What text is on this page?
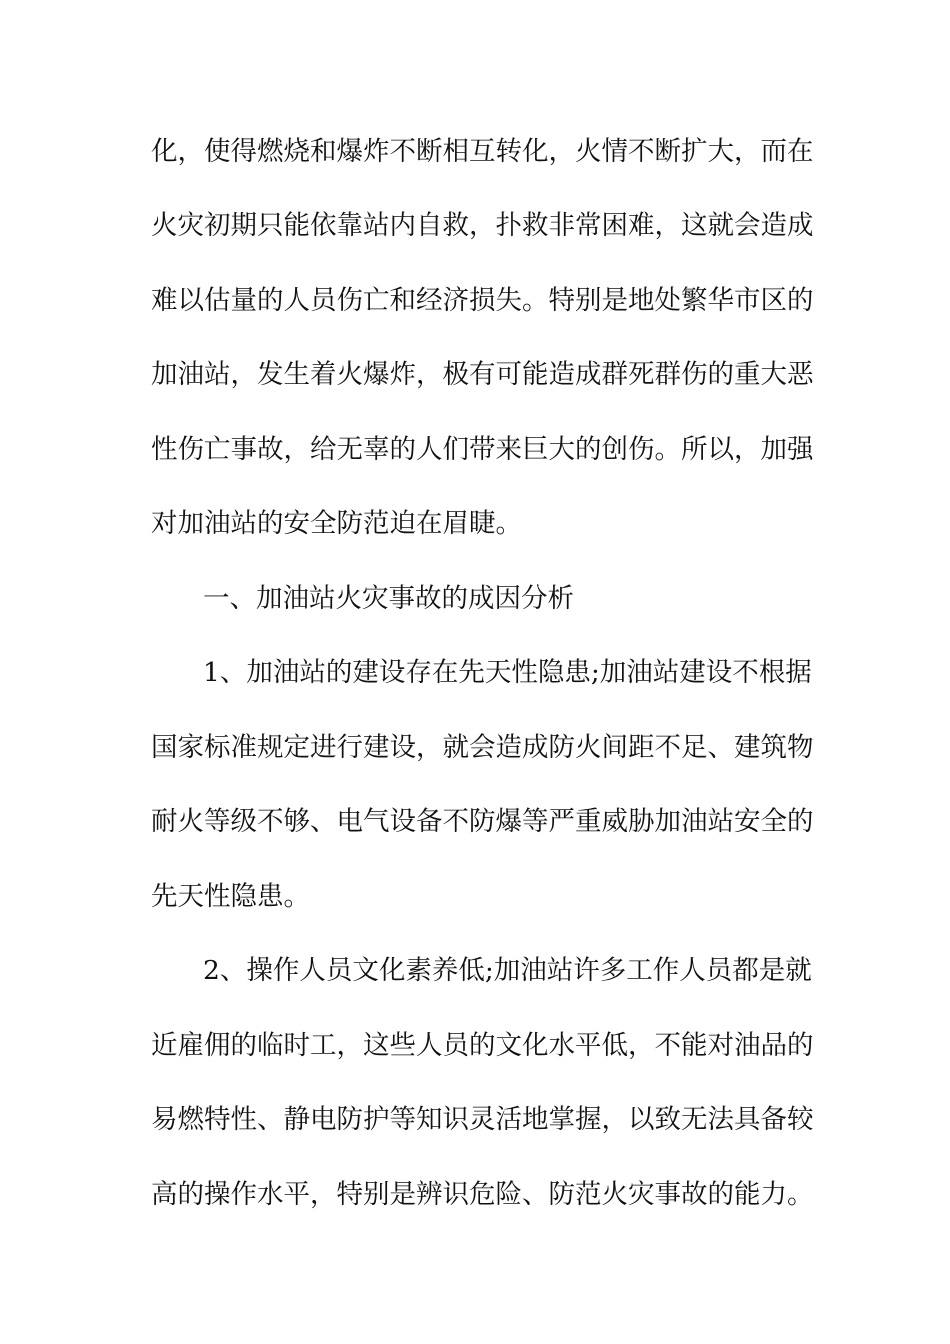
化，使得燃烧和爆炸不断相互转化，火情不断扩大，而在
火灾初期只能依靠站内自救，扑救非常困难，这就会造成
难以估量的人员伤亡和经济损失。特别是地处繁华市区的
加油站，发生着火爆炸，极有可能造成群死群伤的重大恶
性伤亡事故，给无辜的人们带来巨大的创伤。所以，加强
对加油站的安全防范迫在眉睫。
一、加油站火灾事故的成因分析
1、加油站的建设存在先天性隐患;加油站建设不根据
国家标准规定进行建设，就会造成防火间距不足、建筑物
耐火等级不够、电气设备不防爆等严重威胁加油站安全的
先天性隐患。
2、操作人员文化素养低;加油站许多工作人员都是就
近雇佣的临时工，这些人员的文化水平低，不能对油品的
易燃特性、静电防护等知识灵活地掌握，以致无法具备较
高的操作水平，特别是辨识危险、防范火灾事故的能力。
